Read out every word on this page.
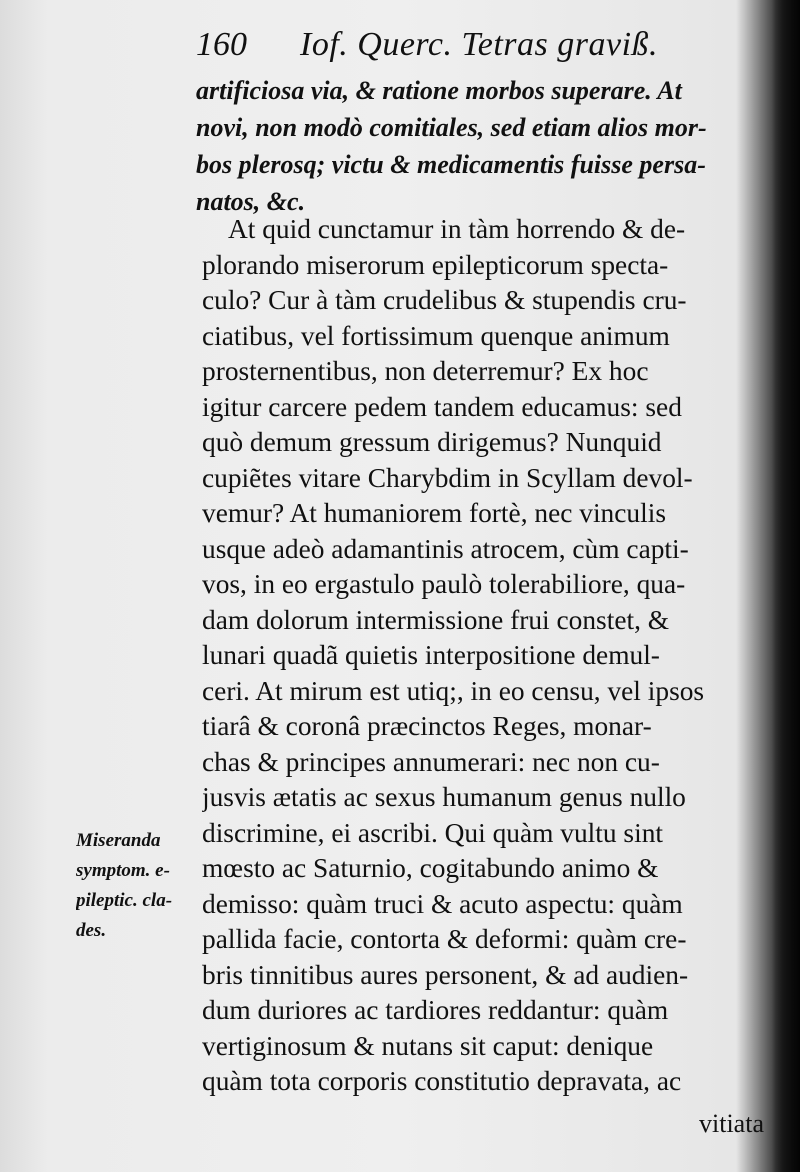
160 Iof. Querc. Tetras graviß.
artificiosa via, & ratione morbos superare. At
novi, non modò comitiales, sed etiam alios mor-
bos plerosq; victu & medicamentis fuisse persa-
natos, &c.
At quid cunctamur in tàm horrendo & de-
plorando miserorum epilepticorum specta-
culo? Cur à tàm crudelibus & stupendis cru-
ciatibus, vel fortissimum quenque animum
prosternentibus, non deterremur? Ex hoc
igitur carcere pedem tandem educamus: sed
quò demum gressum dirigemus? Nunquid
cupiẽtes vitare Charybdim in Scyllam devol-
vemur? At humaniorem fortè, nec vinculis
usque adeò adamantinis atrocem, cùm capti-
vos, in eo ergastulo paulò tolerabiliore, qua-
dam dolorum intermissione frui constet, &
lunari quadã quietis interpositione demul-
ceri. At mirum est utiq;, in eo censu, vel ipsos
tiarâ & coronâ præcinctos Reges, monar-
chas & principes annumerari: nec non cu-
jusvis ætatis ac sexus humanum genus nullo
discrimine, ei ascribi. Qui quàm vultu sint
mœsto ac Saturnio, cogitabundo animo &
demisso: quàm truci & acuto aspectu: quàm
pallida facie, contorta & deformi: quàm cre-
bris tinnitibus aures personent, & ad audien-
dum duriores ac tardiores reddantur: quàm
vertiginosum & nutans sit caput: denique
quàm tota corporis constitutio depravata, ac
Miseranda
symptom. e-
pileptic. cla-
des.
vitiata
